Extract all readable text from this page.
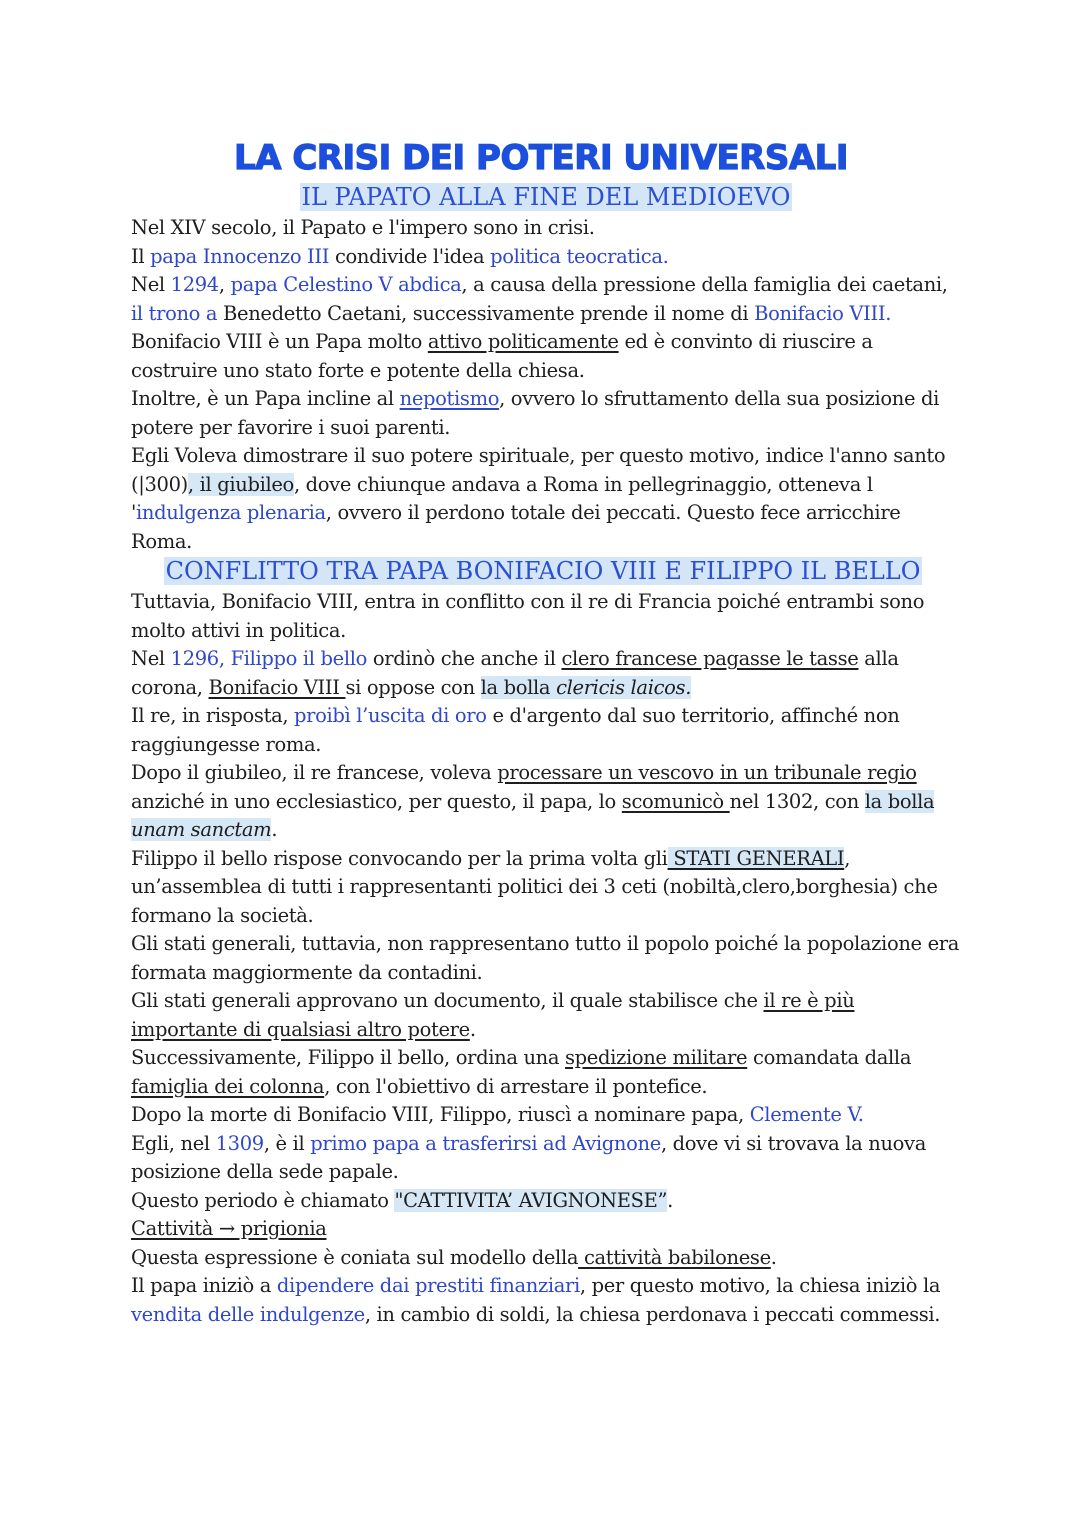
LA CRISI DEI POTERI UNIVERSALI
IL PAPATO ALLA FINE DEL MEDIOEVO

Nel XIV secolo, il Papato e l'impero sono in crisi.

Il papa Innocenzo III condivide l'idea politica teocratica.

Nel 1294, papa Celestino V abdica, a causa della pressione della famiglia dei caetani, il trono a Benedetto Caetani, successivamente prende il nome di Bonifacio VIII.

Bonifacio VIII è un Papa molto attivo politicamente ed è convinto di riuscire a costruire uno stato forte e potente della chiesa.

Inoltre, è un Papa incline al nepotismo, ovvero lo sfruttamento della sua posizione di potere per favorire i suoi parenti.

Egli Voleva dimostrare il suo potere spirituale, per questo motivo, indice l'anno santo (|300), il giubileo, dove chiunque andava a Roma in pellegrinaggio, otteneva l 'indulgenza plenaria, ovvero il perdono totale dei peccati. Questo fece arricchire Roma.

CONFLITTO TRA PAPA BONIFACIO VIII E FILIPPO IL BELLO

Tuttavia, Bonifacio VIII, entra in conflitto con il re di Francia poiché entrambi sono molto attivi in politica.

Nel 1296, Filippo il bello ordinò che anche il clero francese pagasse le tasse alla corona, Bonifacio VIII si oppose con la bolla clericis laicos.

Il re, in risposta, proibì l’uscita di oro e d'argento dal suo territorio, affinché non raggiungesse roma.

Dopo il giubileo, il re francese, voleva processare un vescovo in un tribunale regio anziché in uno ecclesiastico, per questo, il papa, lo scomunicò nel 1302, con la bolla unam sanctam.

Filippo il bello rispose convocando per la prima volta gli STATI GENERALI, un’assemblea di tutti i rappresentanti politici dei 3 ceti (nobiltà,clero,borghesia) che formano la società.

Gli stati generali, tuttavia, non rappresentano tutto il popolo poiché la popolazione era formata maggiormente da contadini.

Gli stati generali approvano un documento, il quale stabilisce che il re è più importante di qualsiasi altro potere.

Successivamente, Filippo il bello, ordina una spedizione militare comandata dalla famiglia dei colonna, con l'obiettivo di arrestare il pontefice.

Dopo la morte di Bonifacio VIII, Filippo, riuscì a nominare papa, Clemente V.

Egli, nel 1309, è il primo papa a trasferirsi ad Avignone, dove vi si trovava la nuova posizione della sede papale.

Questo periodo è chiamato "CATTIVITA’ AVIGNONESE”.

Cattività → prigionia

Questa espressione è coniata sul modello della cattività babilonese.

Il papa iniziò a dipendere dai prestiti finanziari, per questo motivo, la chiesa iniziò la vendita delle indulgenze, in cambio di soldi, la chiesa perdonava i peccati commessi.
